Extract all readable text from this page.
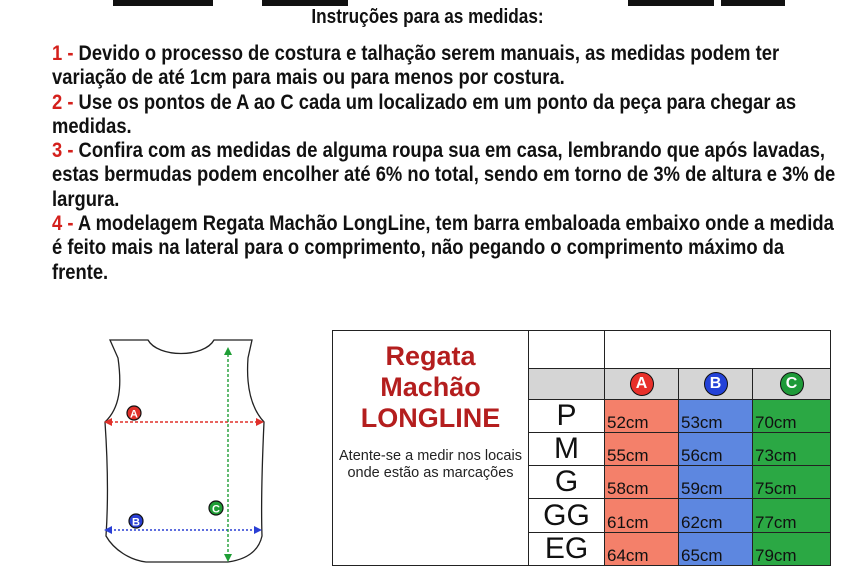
Instruções para as medidas:

1 - Devido o processo de costura e talhação serem manuais, as medidas podem ter variação de até 1cm para mais ou para menos por costura.

2 - Use os pontos de A ao C cada um localizado em um ponto da peça para chegar as medidas.

3 - Confira com as medidas de alguma roupa sua em casa, lembrando que após lavadas, estas bermudas podem encolher até 6% no total, sendo em torno de 3% de altura e 3% de largura.

4 - A modelagem Regata Machão LongLine, tem barra embaloada embaixo onde a medida é feito mais na lateral para o comprimento, não pegando o comprimento máximo da frente.

A
B
C
Regata
Machão
LONGLINE
Atente-se a medir nos locais onde estão as marcações				

		A	B	C
	P	52cm	53cm	70cm
	M	55cm	56cm	73cm
	G	58cm	59cm	75cm
	GG	61cm	62cm	77cm
	EG	64cm	65cm	79cm
